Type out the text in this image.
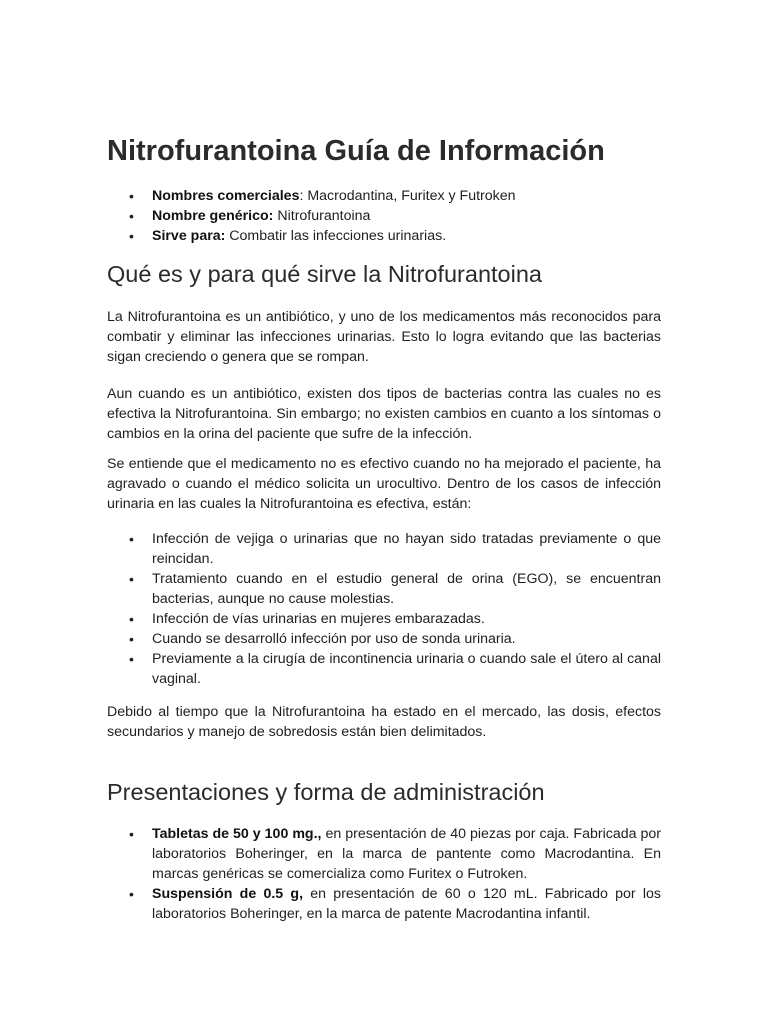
Nitrofurantoina Guía de Información
• Nombres comerciales: Macrodantina, Furitex y Futroken
• Nombre genérico: Nitrofurantoina
• Sirve para: Combatir las infecciones urinarias.
Qué es y para qué sirve la Nitrofurantoina

La Nitrofurantoina es un antibiótico, y uno de los medicamentos más reconocidos para combatir y eliminar las infecciones urinarias. Esto lo logra evitando que las bacterias sigan creciendo o genera que se rompan.

Aun cuando es un antibiótico, existen dos tipos de bacterias contra las cuales no es efectiva la Nitrofurantoina. Sin embargo; no existen cambios en cuanto a los síntomas o cambios en la orina del paciente que sufre de la infección.

Se entiende que el medicamento no es efectivo cuando no ha mejorado el paciente, ha agravado o cuando el médico solicita un urocultivo. Dentro de los casos de infección urinaria en las cuales la Nitrofurantoina es efectiva, están:

• Infección de vejiga o urinarias que no hayan sido tratadas previamente o que reincidan.
• Tratamiento cuando en el estudio general de orina (EGO), se encuentran bacterias, aunque no cause molestias.
• Infección de vías urinarias en mujeres embarazadas.
• Cuando se desarrolló infección por uso de sonda urinaria.
• Previamente a la cirugía de incontinencia urinaria o cuando sale el útero al canal vaginal.

Debido al tiempo que la Nitrofurantoina ha estado en el mercado, las dosis, efectos secundarios y manejo de sobredosis están bien delimitados.

Presentaciones y forma de administración
• Tabletas de 50 y 100 mg., en presentación de 40 piezas por caja. Fabricada por laboratorios Boheringer, en la marca de pantente como Macrodantina. En marcas genéricas se comercializa como Furitex o Futroken.
• Suspensión de 0.5 g, en presentación de 60 o 120 mL. Fabricado por los laboratorios Boheringer, en la marca de patente Macrodantina infantil.
